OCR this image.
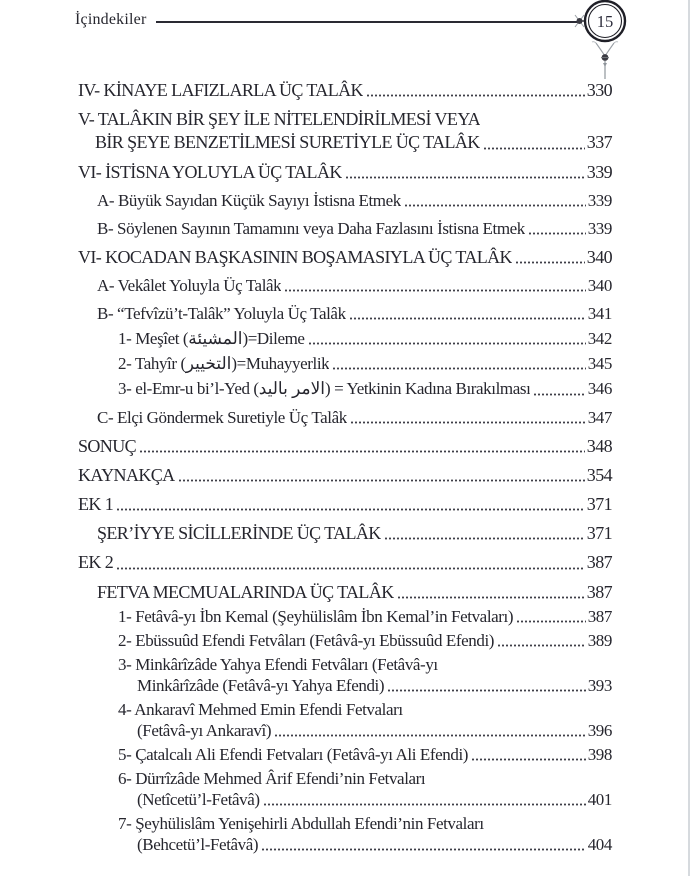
İçindekiler	15
IV- KİNAYE LAFIZLARLA ÜÇ TALÂK	330
V- TALÂKIN BİR ŞEY İLE NİTELENDİRİLMESİ VEYA
BİR ŞEYE BENZETİLMESİ SURETİYLE ÜÇ TALÂK	337
VI- İSTİSNA YOLUYLA ÜÇ TALÂK	339
A- Büyük Sayıdan Küçük Sayıyı İstisna Etmek	339
B- Söylenen Sayının Tamamını veya Daha Fazlasını İstisna Etmek	339
VI- KOCADAN BAŞKASININ BOŞAMASIYLA ÜÇ TALÂK	340
A- Vekâlet Yoluyla Üç Talâk	340
B- “Tefvîzü’t-Talâk” Yoluyla Üç Talâk	341
1- Meşîet (المشيئة)=Dileme	342
2- Tahyîr (التخيير)=Muhayyerlik	345
3- el-Emr-u bi’l-Yed (الامر باليد) = Yetkinin Kadına Bırakılması	346
C- Elçi Göndermek Suretiyle Üç Talâk	347
SONUÇ	348
KAYNAKÇA	354
EK 1	371
ŞER’İYYE SİCİLLERİNDE ÜÇ TALÂK	371
EK 2	387
FETVA MECMUALARINDA ÜÇ TALÂK	387
1- Fetâvâ-yı İbn Kemal (Şeyhülislâm İbn Kemal’in Fetvaları)	387
2- Ebüssuûd Efendi Fetvâları (Fetâvâ-yı Ebüssuûd Efendi)	389
3- Minkârîzâde Yahya Efendi Fetvâları (Fetâvâ-yı
Minkârîzâde (Fetâvâ-yı Yahya Efendi)	393
4- Ankaravî Mehmed Emin Efendi Fetvaları
(Fetâvâ-yı Ankaravî)	396
5- Çatalcalı Ali Efendi Fetvaları (Fetâvâ-yı Ali Efendi)	398
6- Dürrîzâde Mehmed Ârif Efendi’nin Fetvaları
(Netîcetü’l-Fetâvâ)	401
7- Şeyhülislâm Yenişehirli Abdullah Efendi’nin Fetvaları
(Behcetü’l-Fetâvâ)	404
